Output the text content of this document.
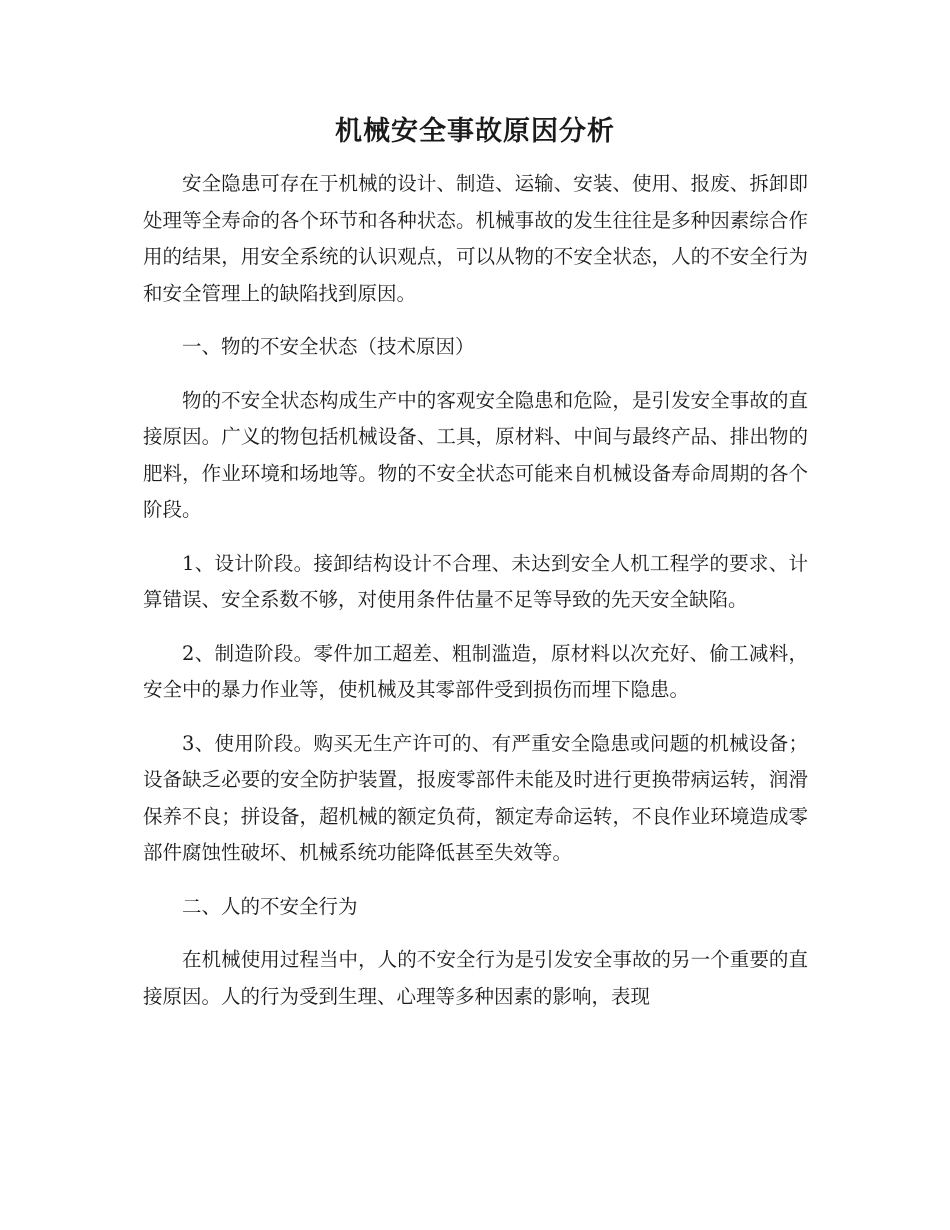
机械安全事故原因分析

安全隐患可存在于机械的设计、制造、运输、安装、使用、报废、拆卸即处理等全寿命的各个环节和各种状态。机械事故的发生往往是多种因素综合作用的结果，用安全系统的认识观点，可以从物的不安全状态，人的不安全行为和安全管理上的缺陷找到原因。

一、物的不安全状态（技术原因）

物的不安全状态构成生产中的客观安全隐患和危险，是引发安全事故的直接原因。广义的物包括机械设备、工具，原材料、中间与最终产品、排出物的肥料，作业环境和场地等。物的不安全状态可能来自机械设备寿命周期的各个阶段。

1、设计阶段。接卸结构设计不合理、未达到安全人机工程学的要求、计算错误、安全系数不够，对使用条件估量不足等导致的先天安全缺陷。

2、制造阶段。零件加工超差、粗制滥造，原材料以次充好、偷工减料，安全中的暴力作业等，使机械及其零部件受到损伤而埋下隐患。

3、使用阶段。购买无生产许可的、有严重安全隐患或问题的机械设备；设备缺乏必要的安全防护装置，报废零部件未能及时进行更换带病运转，润滑保养不良；拼设备，超机械的额定负荷，额定寿命运转，不良作业环境造成零部件腐蚀性破坏、机械系统功能降低甚至失效等。

二、人的不安全行为

在机械使用过程当中，人的不安全行为是引发安全事故的另一个重要的直接原因。人的行为受到生理、心理等多种因素的影响，表现
